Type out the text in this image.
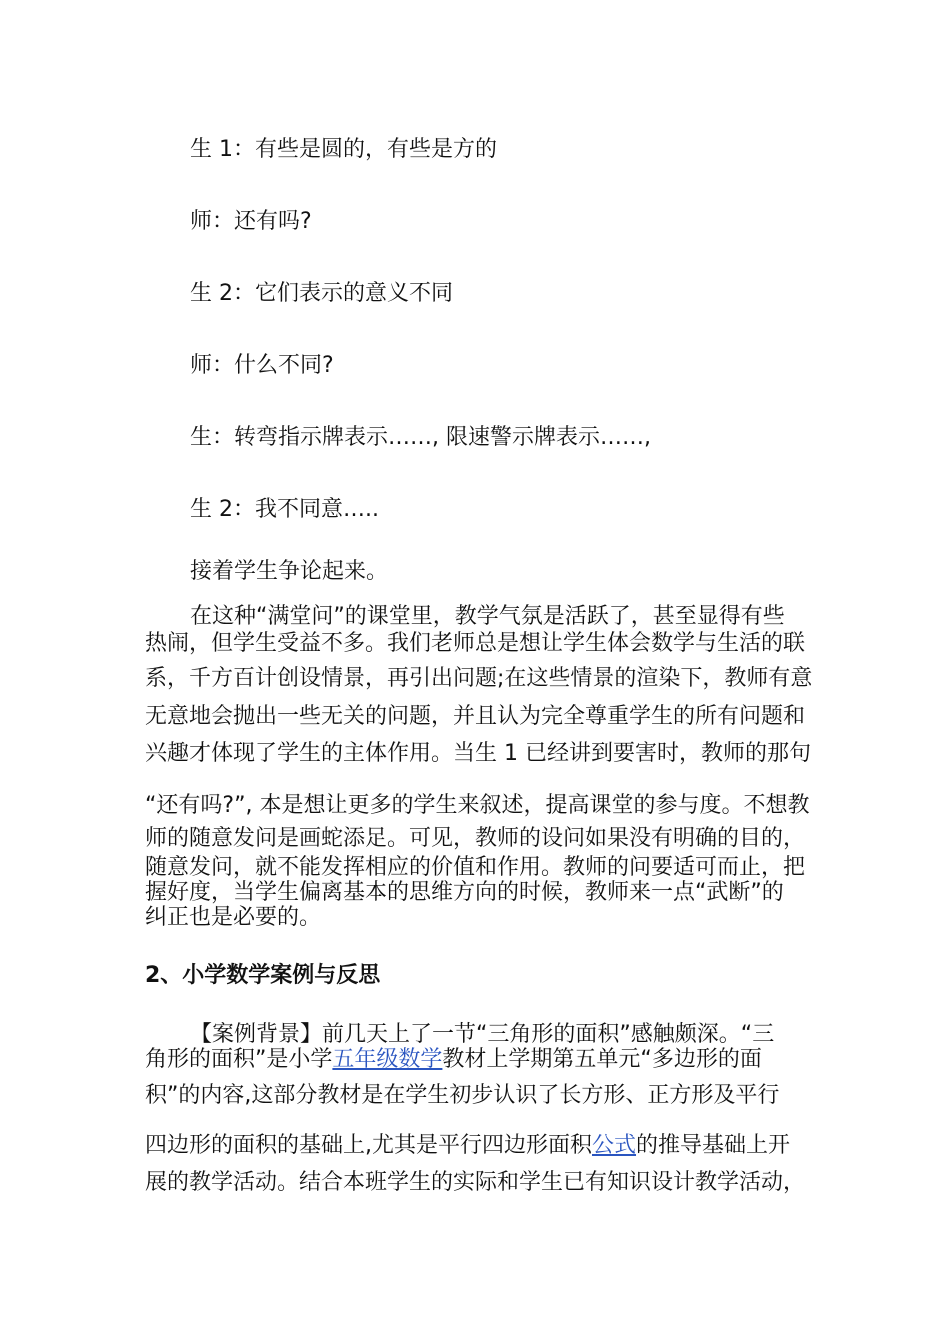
生 1：有些是圆的，有些是方的
师：还有吗?
生 2：它们表示的意义不同
师：什么不同?
生：转弯指示牌表示……, 限速警示牌表示……,
生 2：我不同意…..
接着学生争论起来。
在这种“满堂问”的课堂里，教学气氛是活跃了，甚至显得有些
热闹，但学生受益不多。我们老师总是想让学生体会数学与生活的联
系，千方百计创设情景，再引出问题;在这些情景的渲染下，教师有意
无意地会抛出一些无关的问题，并且认为完全尊重学生的所有问题和
兴趣才体现了学生的主体作用。当生 1 已经讲到要害时，教师的那句
“还有吗?”, 本是想让更多的学生来叙述，提高课堂的参与度。不想教
师的随意发问是画蛇添足。可见，教师的设问如果没有明确的目的，
随意发问，就不能发挥相应的价值和作用。教师的问要适可而止，把
握好度，当学生偏离基本的思维方向的时候，教师来一点“武断”的
纠正也是必要的。
2、小学数学案例与反思
【案例背景】前几天上了一节“三角形的面积”感触颇深。“三
角形的面积”是小学五年级数学教材上学期第五单元“多边形的面
积”的内容,这部分教材是在学生初步认识了长方形、正方形及平行
四边形的面积的基础上,尤其是平行四边形面积公式的推导基础上开
展的教学活动。结合本班学生的实际和学生已有知识设计教学活动，
